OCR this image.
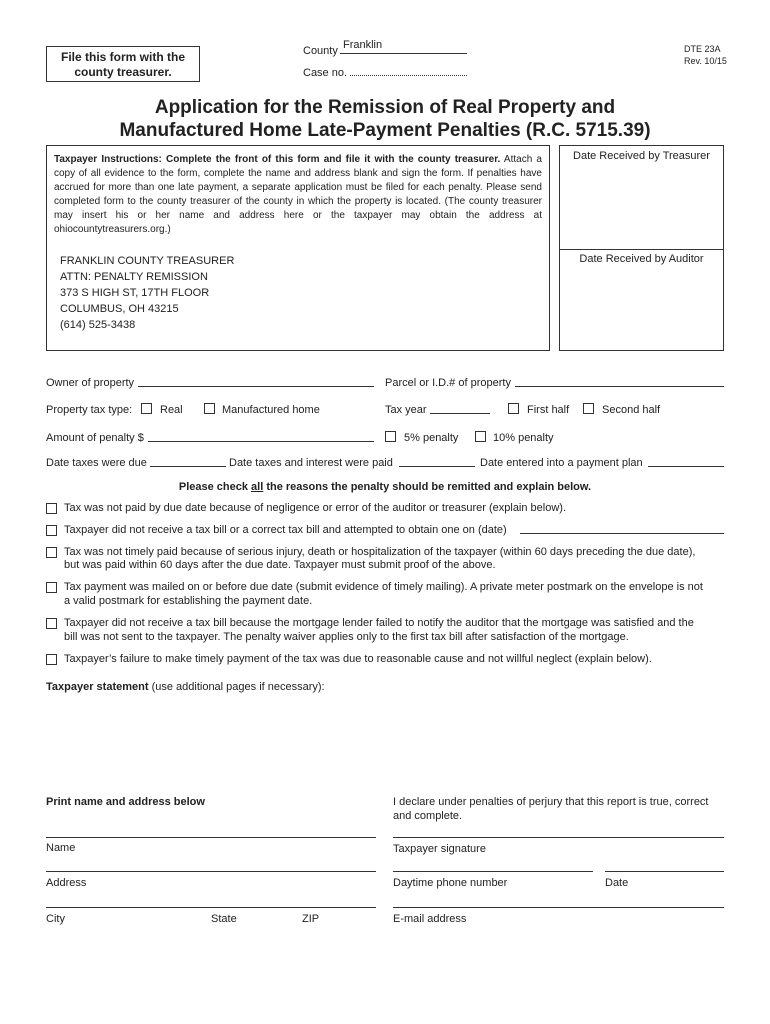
File this form with the
county treasurer.
County Franklin
Case no.
DTE 23A
Rev. 10/15
Application for the Remission of Real Property and
Manufactured Home Late-Payment Penalties (R.C. 5715.39)
Taxpayer Instructions: Complete the front of this form and file it with the county treasurer. Attach a copy of all evidence to the form, complete the name and address blank and sign the form. If penalties have accrued for more than one late payment, a separate application must be filed for each penalty. Please send completed form to the county treasurer of the county in which the property is located. (The county treasurer may insert his or her name and address here or the taxpayer may obtain the address at ohiocountytreasurers.org.)
FRANKLIN COUNTY TREASURER
ATTN: PENALTY REMISSION
373 S HIGH ST, 17TH FLOOR
COLUMBUS, OH 43215
(614) 525-3438
Date Received by Treasurer
Date Received by Auditor
Owner of property	Parcel or I.D.# of property
Property tax type:	Real	Manufactured home	Tax year	First half	Second half
Amount of penalty $	5% penalty	10% penalty
Date taxes were due	Date taxes and interest were paid	Date entered into a payment plan
Please check all the reasons the penalty should be remitted and explain below.
Tax was not paid by due date because of negligence or error of the auditor or treasurer (explain below).
Taxpayer did not receive a tax bill or a correct tax bill and attempted to obtain one on (date)
Tax was not timely paid because of serious injury, death or hospitalization of the taxpayer (within 60 days preceding the due date),
but was paid within 60 days after the due date. Taxpayer must submit proof of the above.
Tax payment was mailed on or before due date (submit evidence of timely mailing). A private meter postmark on the envelope is not
a valid postmark for establishing the payment date.
Taxpayer did not receive a tax bill because the mortgage lender failed to notify the auditor that the mortgage was satisfied and the
bill was not sent to the taxpayer. The penalty waiver applies only to the first tax bill after satisfaction of the mortgage.
Taxpayer’s failure to make timely payment of the tax was due to reasonable cause and not willful neglect (explain below).
Taxpayer statement (use additional pages if necessary):
Print name and address below	I declare under penalties of perjury that this report is true, correct and complete.
Name	Taxpayer signature
Address	Daytime phone number	Date
City	State	ZIP	E-mail address
